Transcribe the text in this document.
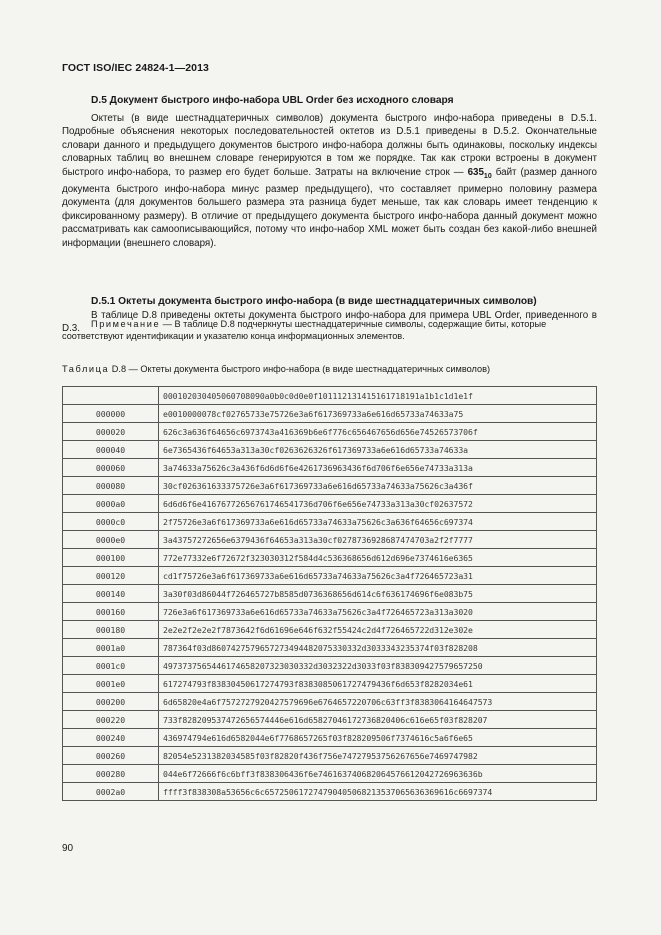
ГОСТ ISO/IEC 24824-1—2013
D.5 Документ быстрого инфо-набора UBL Order без исходного словаря

Октеты (в виде шестнадцатеричных символов) документа быстрого инфо-набора приведены в D.5.1. Подробные объяснения некоторых последовательностей октетов из D.5.1 приведены в D.5.2. Окончательные словари данного и предыдущего документов быстрого инфо-набора должны быть одинаковы, поскольку индексы словарных таблиц во внешнем словаре генерируются в том же порядке. Так как строки встроены в документ быстрого инфо-набора, то размер его будет больше. Затраты на включение строк — $635_{10}$ байт (размер данного документа быстрого инфо-набора минус размер предыдущего), что составляет примерно половину размера документа (для документов большего размера эта разница будет меньше, так как словарь имеет тенденцию к фиксированному размеру). В отличие от предыдущего документа быстрого инфо-набора данный документ можно рассматривать как самоописывающийся, потому что инфо-набор XML может быть создан без какой-либо внешней информации (внешнего словаря).

D.5.1 Октеты документа быстрого инфо-набора (в виде шестнадцатеричных символов)

В таблице D.8 приведены октеты документа быстрого инфо-набора для примера UBL Order, приведенного в D.3.	Примечание — В таблице D.8 подчеркнуты шестнадцатеричные символы, содержащие биты, которые соответствуют идентификации и указателю конца информационных элементов.

Таблица D.8 — Октеты документа быстрого инфо-набора (в виде шестнадцатеричных символов)
	000102030405060708090a0b0c0d0e0f101112131415161718191a1b1c1d1e1f
000000	e0010000078cf02765733e75726e3a6f617369733a6e616d65733a74633a75
000020	626c3a636f64656c6973743a416369b6e6f776c656467656d656e74526573706f
000040	6e7365436f64653a313a30cf0263626326f617369733a6e616d65733a74633a
000060	3a74633a75626c3a436f6d6d6f6e4261736963436f6d706f6e656e74733a313a
000080	30cf026361633375726e3a6f617369733a6e616d65733a74633a75626c3a436f
0000a0	6d6d6f6e41676772656761746541736d706f6e656e74733a313a30cf02637572
0000c0	2f75726e3a6f617369733a6e616d65733a74633a75626c3a636f64656c697374
0000e0	3a43757272656e6379436f64653a313a30cf0278736928687474703a2f2f7777
000100	772e77332e6f72672f323030312f584d4c536368656d612d696e7374616e6365
000120	cd1f75726e3a6f617369733a6e616d65733a74633a75626c3a4f726465723a31
000140	3a30f03d86044f726465727b8585d0736368656d614c6f636174696f6e083b75
000160	726e3a6f617369733a6e616d65733a74633a75626c3a4f726465723a313a3020
000180	2e2e2f2e2e2f7873642f6d61696e646f632f55424c2d4f726465722d312e302e
0001a0	787364f03d8607427579657273494482075330332d3033343235374f03f828208
0001c0	4973737565446174658207323030332d3032322d3033f03f838309427579657250
0001e0	617274793f83830450617274793f8383085061727479436f6d653f8282034e61
000200	6d65820e4a6f7572727920427579696e6764657220706c63ff3f8383064164647573
000220	733f828209537472656574446e616d65827046172736820406c616e65f03f828207
000240	436974794e616d6582044e6f7768657265f03f828209506f7374616c5a6f6e65
000260	82054e5231382034585f03f82820f436f756e74727953756267656e7469747982
000280	044e6f72666f6c6bff3f838306436f6e746163740682064576612042726963636b
0002a0	ffff3f838308a53656c6c657250617274790405068213537065636369616c6697374
90
